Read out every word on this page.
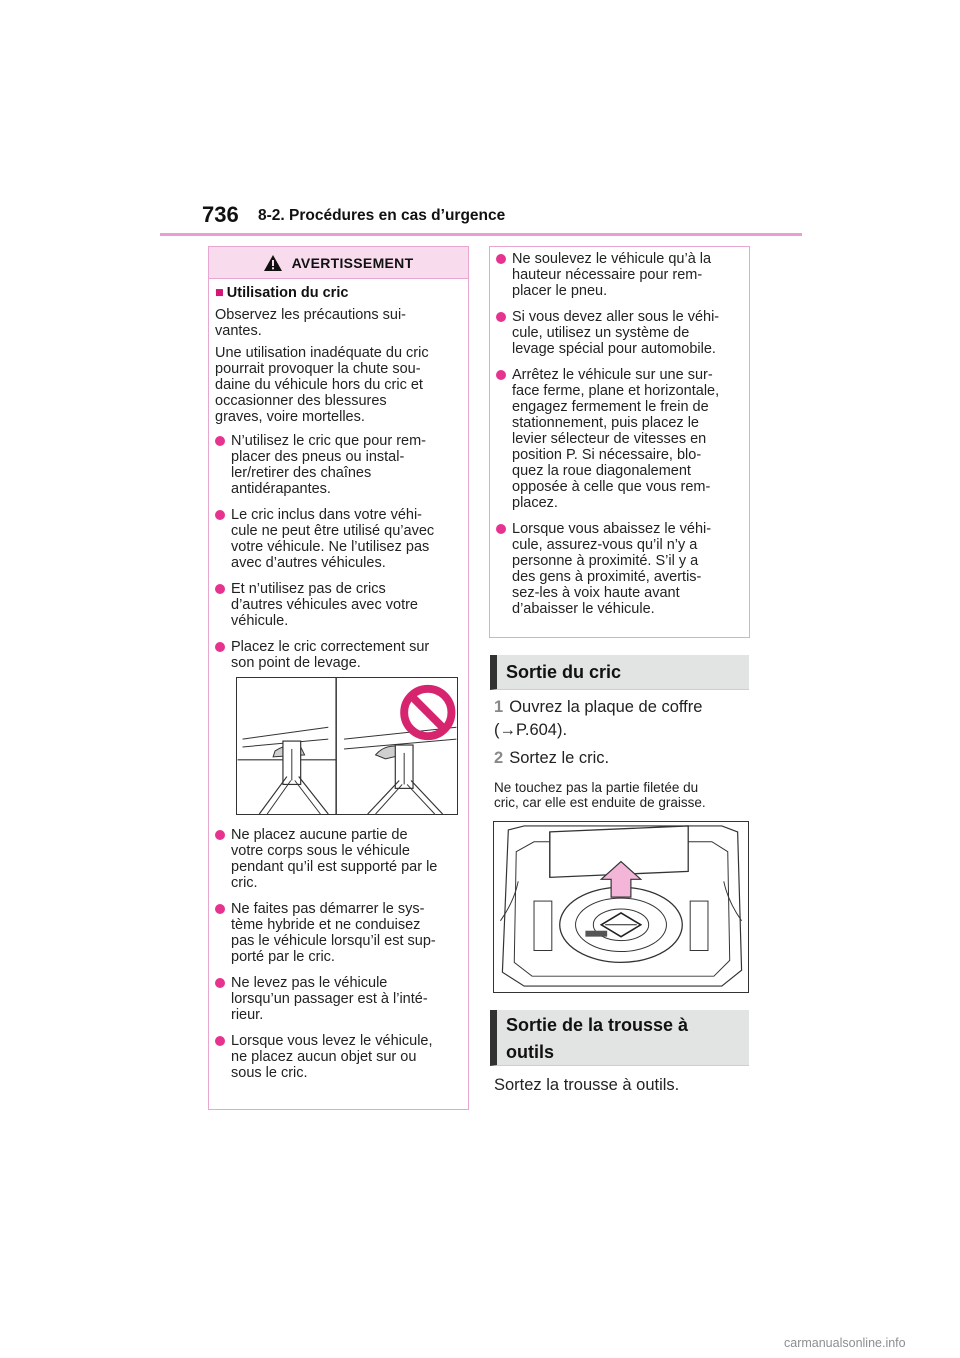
736 8-2. Procédures en cas d’urgence
AVERTISSEMENT
■ Utilisation du cric

Observez les précautions sui-
vantes.

Une utilisation inadéquate du cric
pourrait provoquer la chute sou-
daine du véhicule hors du cric et
occasionner des blessures
graves, voire mortelles.

N’utilisez le cric que pour rem-
placer des pneus ou instal-
ler/retirer des chaînes
antidérapantes.
Le cric inclus dans votre véhi-
cule ne peut être utilisé qu’avec
votre véhicule. Ne l’utilisez pas
avec d’autres véhicules.
Et n’utilisez pas de crics
d’autres véhicules avec votre
véhicule.
Placez le cric correctement sur
son point de levage.
Ne placez aucune partie de
votre corps sous le véhicule
pendant qu’il est supporté par le
cric.
Ne faites pas démarrer le sys-
tème hybride et ne conduisez
pas le véhicule lorsqu’il est sup-
porté par le cric.
Ne levez pas le véhicule
lorsqu’un passager est à l’inté-
rieur.
Lorsque vous levez le véhicule,
ne placez aucun objet sur ou
sous le cric.
Ne soulevez le véhicule qu’à la
hauteur nécessaire pour rem-
placer le pneu.
Si vous devez aller sous le véhi-
cule, utilisez un système de
levage spécial pour automobile.
Arrêtez le véhicule sur une sur-
face ferme, plane et horizontale,
engagez fermement le frein de
stationnement, puis placez le
levier sélecteur de vitesses en
position P. Si nécessaire, blo-
quez la roue diagonalement
opposée à celle que vous rem-
placez.
Lorsque vous abaissez le véhi-
cule, assurez-vous qu’il n’y a
personne à proximité. S’il y a
des gens à proximité, avertis-
sez-les à voix haute avant
d’abaisser le véhicule.
Sortie du cric
1 Ouvrez la plaque de coffre
(→P.604).
2 Sortez le cric.
Ne touchez pas la partie filetée du
cric, car elle est enduite de graisse.
Sortie de la trousse à
outils
Sortez la trousse à outils.
carmanualsonline.info
